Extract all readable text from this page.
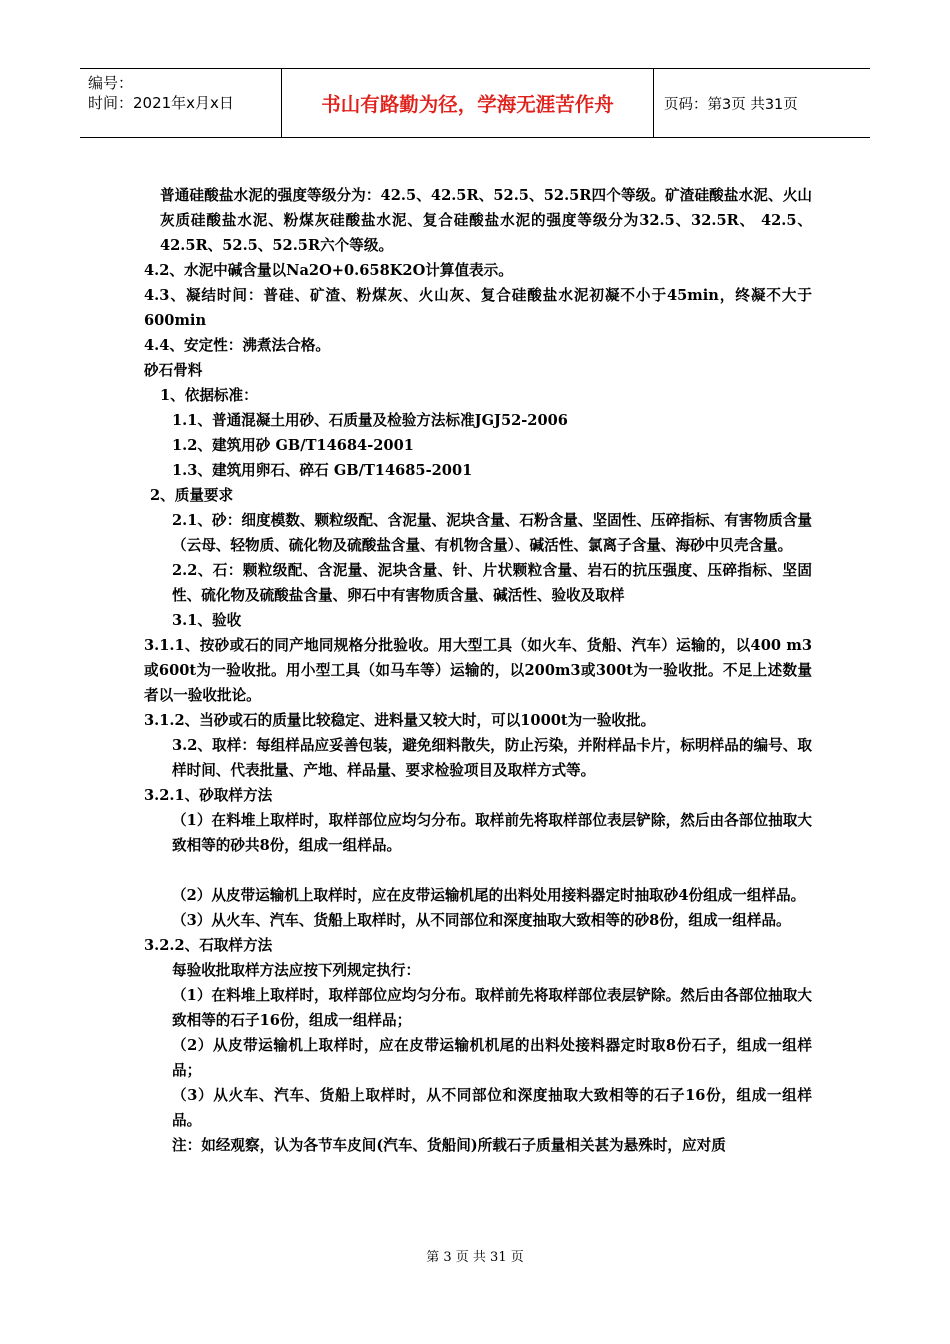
编号：
时间：2021年x月x日	书山有路勤为径，学海无涯苦作舟	页码：第3页 共31页

普通硅酸盐水泥的强度等级分为：42.5、42.5R、52.5、52.5R四个等级。矿渣硅酸盐水泥、火山灰质硅酸盐水泥、粉煤灰硅酸盐水泥、复合硅酸盐水泥的强度等级分为32.5、32.5R、 42.5、42.5R、52.5、52.5R六个等级。

4.2、水泥中碱含量以Na2O+0.658K2O计算值表示。

4.3、凝结时间：普硅、矿渣、粉煤灰、火山灰、复合硅酸盐水泥初凝不小于45min，终凝不大于600min

4.4、安定性：沸煮法合格。

砂石骨料

1、依据标准：

1.1、普通混凝土用砂、石质量及检验方法标准JGJ52-2006

1.2、建筑用砂 GB/T14684-2001

1.3、建筑用卵石、碎石 GB/T14685-2001

2、质量要求

2.1、砂：细度模数、颗粒级配、含泥量、泥块含量、石粉含量、坚固性、压碎指标、有害物质含量（云母、轻物质、硫化物及硫酸盐含量、有机物含量）、碱活性、氯离子含量、海砂中贝壳含量。

2.2、石：颗粒级配、含泥量、泥块含量、针、片状颗粒含量、岩石的抗压强度、压碎指标、坚固性、硫化物及硫酸盐含量、卵石中有害物质含量、碱活性、验收及取样

3.1、验收

3.1.1、按砂或石的同产地同规格分批验收。用大型工具（如火车、货船、汽车）运输的，以400 m3或600t为一验收批。用小型工具（如马车等）运输的，以200m3或300t为一验收批。不足上述数量者以一验收批论。

3.1.2、当砂或石的质量比较稳定、进料量又较大时，可以1000t为一验收批。

3.2、取样：每组样品应妥善包装，避免细料散失，防止污染，并附样品卡片，标明样品的编号、取样时间、代表批量、产地、样品量、要求检验项目及取样方式等。

3.2.1、砂取样方法

（1）在料堆上取样时，取样部位应均匀分布。取样前先将取样部位表层铲除，然后由各部位抽取大致相等的砂共8份，组成一组样品。

（2）从皮带运输机上取样时，应在皮带运输机尾的出料处用接料器定时抽取砂4份组成一组样品。

（3）从火车、汽车、货船上取样时，从不同部位和深度抽取大致相等的砂8份，组成一组样品。

3.2.2、石取样方法

每验收批取样方法应按下列规定执行：

（1）在料堆上取样时，取样部位应均匀分布。取样前先将取样部位表层铲除。然后由各部位抽取大致相等的石子16份，组成一组样品；

（2）从皮带运输机上取样时，应在皮带运输机机尾的出料处接料器定时取8份石子，组成一组样品；

（3）从火车、汽车、货船上取样时，从不同部位和深度抽取大致相等的石子16份，组成一组样品。

注：如经观察，认为各节车皮间(汽车、货船间)所载石子质量相关甚为悬殊时，应对质

第 3 页 共 31 页
